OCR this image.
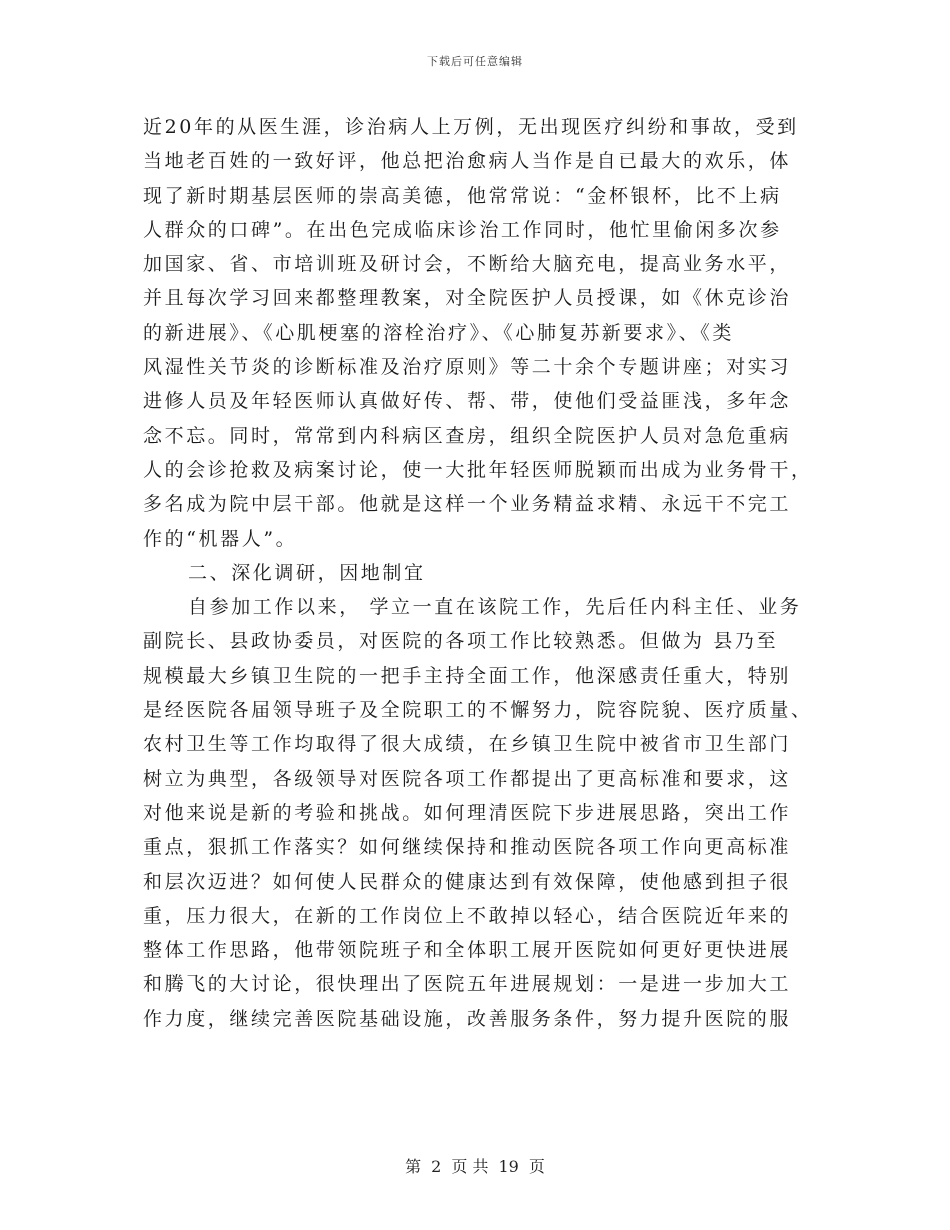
下载后可任意编辑
近20年的从医生涯，诊治病人上万例，无出现医疗纠纷和事故，受到
当地老百姓的一致好评，他总把治愈病人当作是自已最大的欢乐，体
现了新时期基层医师的崇高美德，他常常说：“金杯银杯，比不上病
人群众的口碑”。在出色完成临床诊治工作同时，他忙里偷闲多次参
加国家、省、市培训班及研讨会，不断给大脑充电，提高业务水平，
并且每次学习回来都整理教案，对全院医护人员授课，如《休克诊治
的新进展》、《心肌梗塞的溶栓治疗》、《心肺复苏新要求》、《类
风湿性关节炎的诊断标准及治疗原则》等二十余个专题讲座；对实习
进修人员及年轻医师认真做好传、帮、带，使他们受益匪浅，多年念
念不忘。同时，常常到内科病区查房，组织全院医护人员对急危重病
人的会诊抢救及病案讨论，使一大批年轻医师脱颖而出成为业务骨干，
多名成为院中层干部。他就是这样一个业务精益求精、永远干不完工
作的“机器人”。
二、深化调研，因地制宜
自参加工作以来， 学立一直在该院工作，先后任内科主任、业务
副院长、县政协委员，对医院的各项工作比较熟悉。但做为 县乃至
规模最大乡镇卫生院的一把手主持全面工作，他深感责任重大，特别
是经医院各届领导班子及全院职工的不懈努力，院容院貌、医疗质量、
农村卫生等工作均取得了很大成绩，在乡镇卫生院中被省市卫生部门
树立为典型，各级领导对医院各项工作都提出了更高标准和要求，这
对他来说是新的考验和挑战。如何理清医院下步进展思路，突出工作
重点，狠抓工作落实？如何继续保持和推动医院各项工作向更高标准
和层次迈进？如何使人民群众的健康达到有效保障，使他感到担子很
重，压力很大，在新的工作岗位上不敢掉以轻心，结合医院近年来的
整体工作思路，他带领院班子和全体职工展开医院如何更好更快进展
和腾飞的大讨论，很快理出了医院五年进展规划：一是进一步加大工
作力度，继续完善医院基础设施，改善服务条件，努力提升医院的服
第 2 页 共 19 页
